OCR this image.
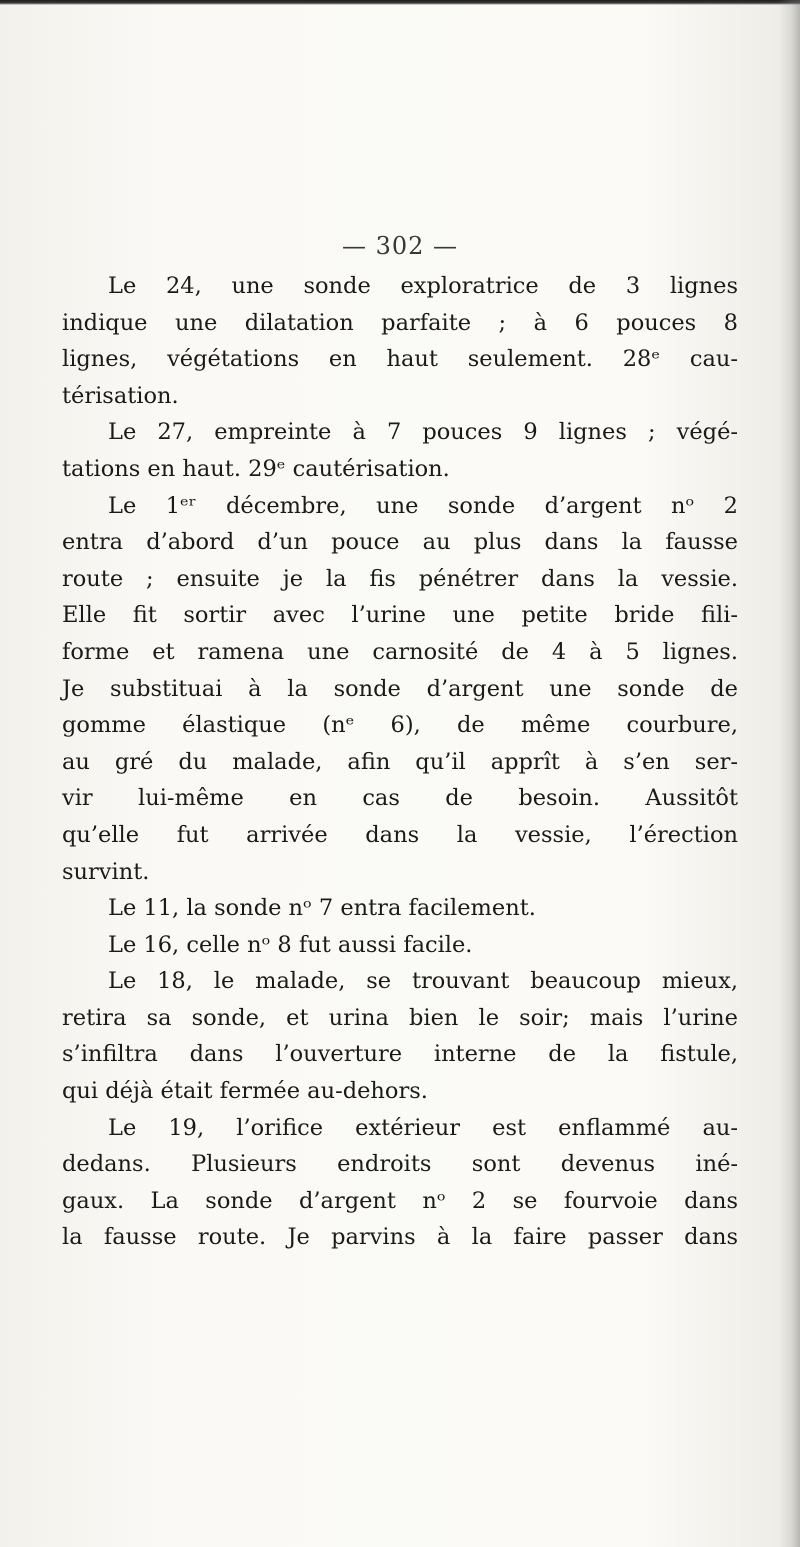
— 302 —
Le 24, une sonde exploratrice de 3 lignes
indique une dilatation parfaite ; à 6 pouces 8
lignes, végétations en haut seulement. 28ᵉ cau-
térisation.
Le 27, empreinte à 7 pouces 9 lignes ; végé-
tations en haut. 29ᵉ cautérisation.
Le 1ᵉʳ décembre, une sonde d’argent nᵒ 2
entra d’abord d’un pouce au plus dans la fausse
route ; ensuite je la fis pénétrer dans la vessie.
Elle fit sortir avec l’urine une petite bride fili-
forme et ramena une carnosité de 4 à 5 lignes.
Je substituai à la sonde d’argent une sonde de
gomme élastique (nᵉ 6), de même courbure,
au gré du malade, afin qu’il apprît à s’en ser-
vir lui-même en cas de besoin. Aussitôt
qu’elle fut arrivée dans la vessie, l’érection
survint.
Le 11, la sonde nᵒ 7 entra facilement.
Le 16, celle nᵒ 8 fut aussi facile.
Le 18, le malade, se trouvant beaucoup mieux,
retira sa sonde, et urina bien le soir; mais l’urine
s’infiltra dans l’ouverture interne de la fistule,
qui déjà était fermée au-dehors.
Le 19, l’orifice extérieur est enflammé au-
dedans. Plusieurs endroits sont devenus iné-
gaux. La sonde d’argent nᵒ 2 se fourvoie dans
la fausse route. Je parvins à la faire passer dans
